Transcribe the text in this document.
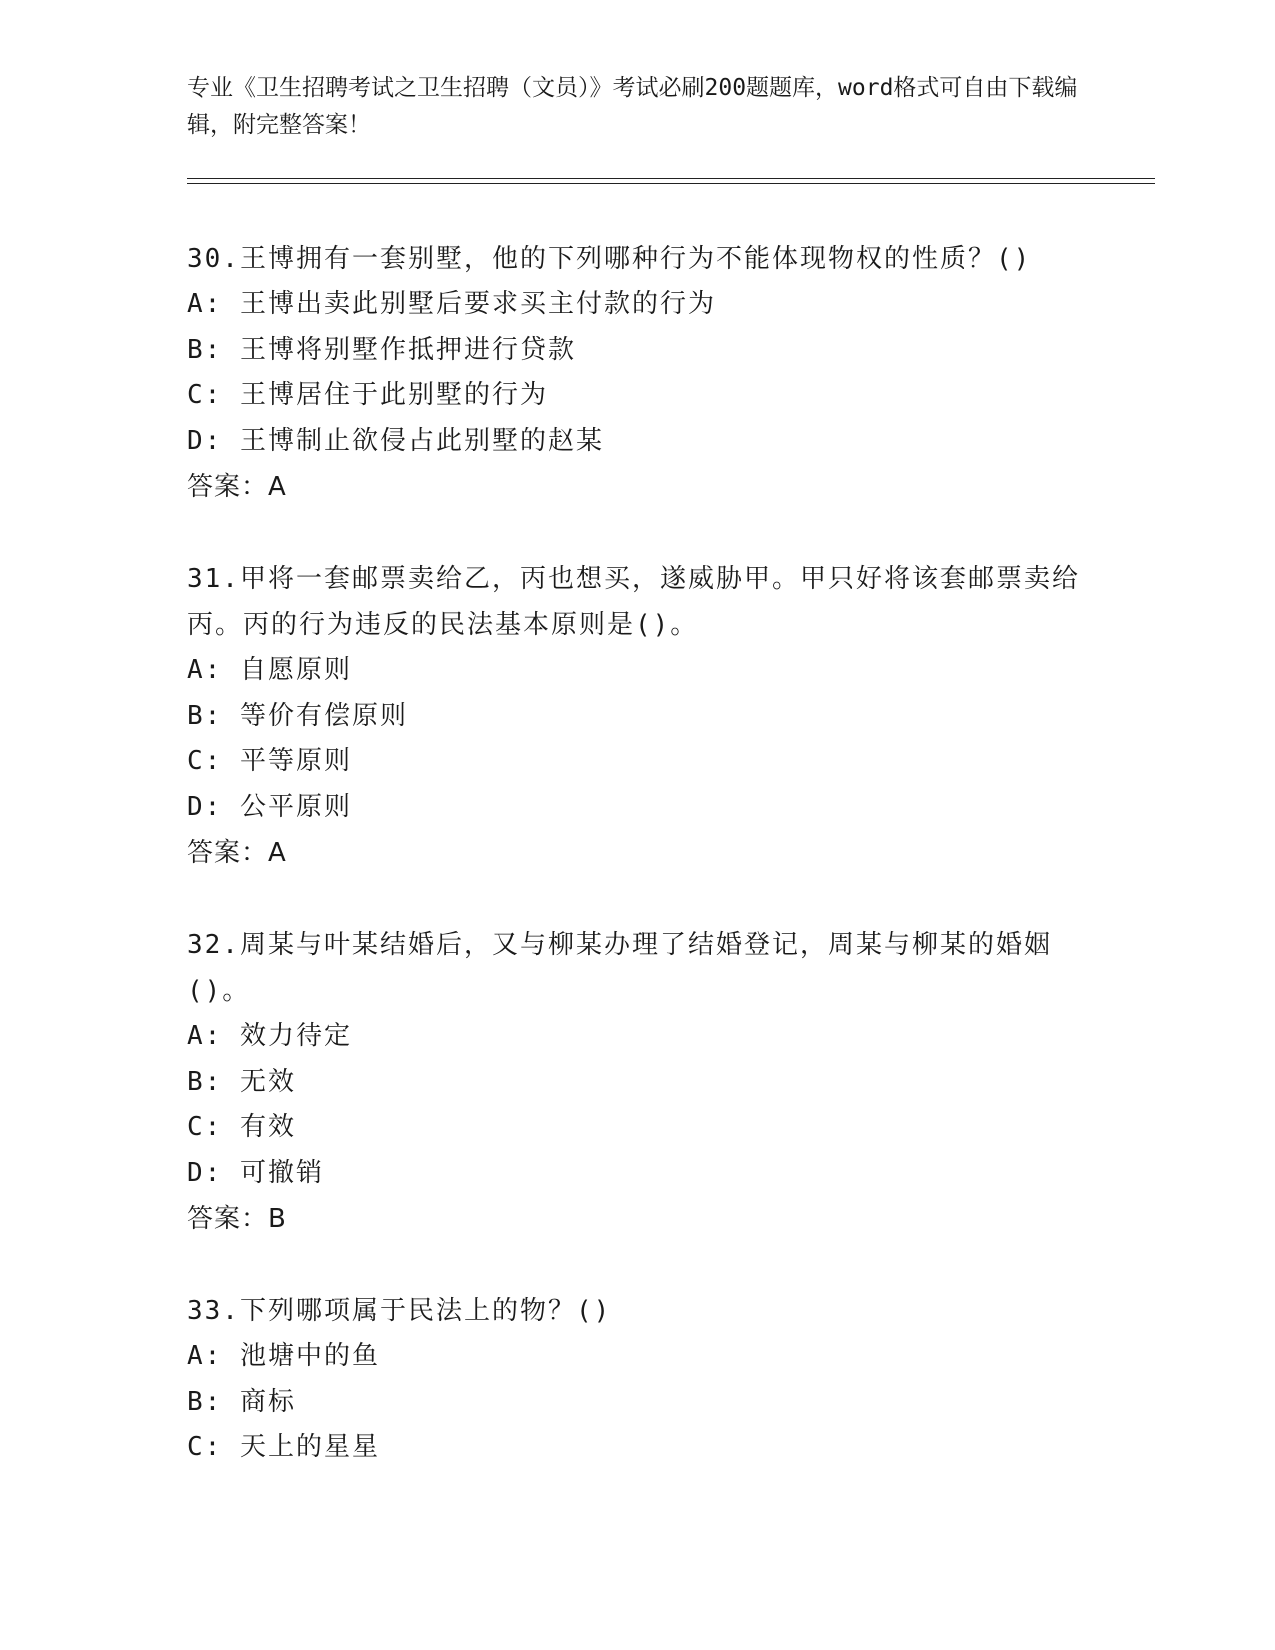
专业《卫生招聘考试之卫生招聘（文员）》考试必刷200题题库，word格式可自由下载编辑，附完整答案！

30.王博拥有一套别墅，他的下列哪种行为不能体现物权的性质？()

A: 王博出卖此别墅后要求买主付款的行为

B: 王博将别墅作抵押进行贷款

C: 王博居住于此别墅的行为

D: 王博制止欲侵占此别墅的赵某

答案：A

31.甲将一套邮票卖给乙，丙也想买，遂威胁甲。甲只好将该套邮票卖给丙。丙的行为违反的民法基本原则是()。

A: 自愿原则

B: 等价有偿原则

C: 平等原则

D: 公平原则

答案：A

32.周某与叶某结婚后，又与柳某办理了结婚登记，周某与柳某的婚姻()。

A: 效力待定

B: 无效

C: 有效

D: 可撤销

答案：B

33.下列哪项属于民法上的物？()

A: 池塘中的鱼

B: 商标

C: 天上的星星
